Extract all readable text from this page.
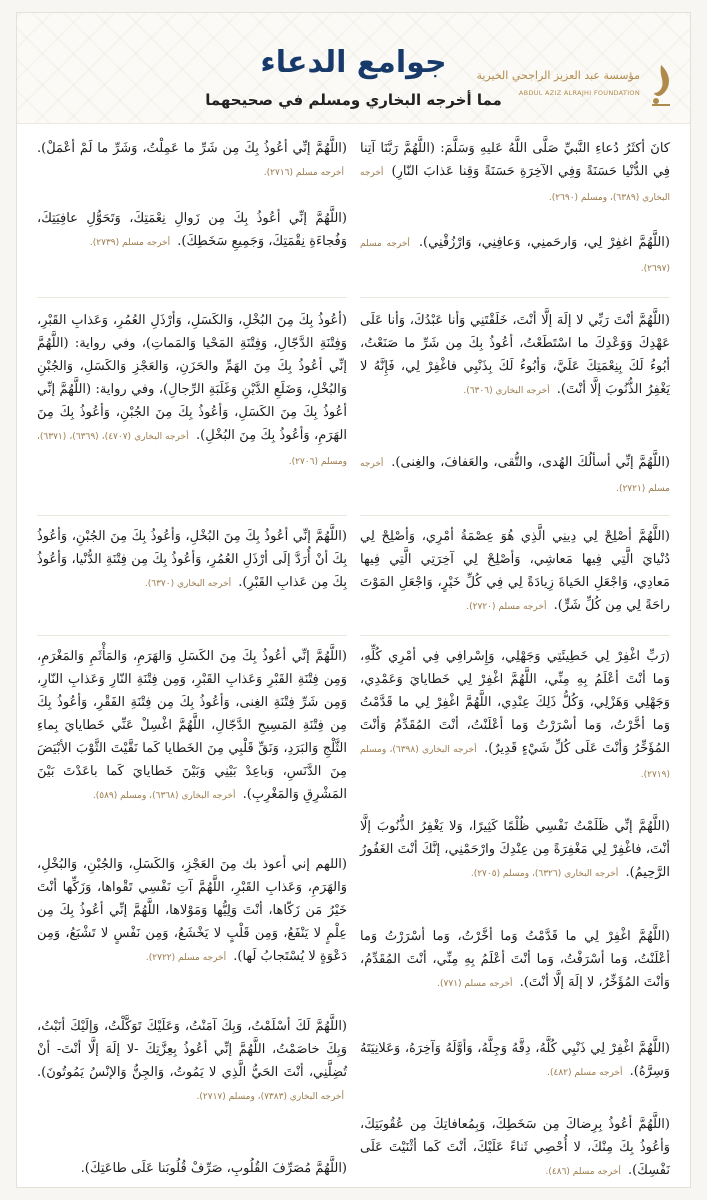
مؤسسة عبد العزيز الراجحي الخيرية
ABDUL AZIZ ALRAJHI FOUNDATION
جوامع الدعاء
مما أخرجه البخاري ومسلم في صحيحهما

كانَ أكثَرُ دُعاءِ النَّبيِّ صَلَّى اللَّهُ عَليهِ وَسَلَّمَ: (اللَّهُمَّ رَبَّنَا آتِنا فِي الدُّنْيا حَسَنَةً وَفِي الآخِرَةِ حَسَنَةً وَقِنا عَذابَ النّارِ) أخرجه البخاري (٦٣٨٩)، ومسلم (٢٦٩٠).

(اللَّهُمَّ اغفِرْ لِي، وَارحَمنِي، وَعافِنِي، وَارْزُقْنِي). أخرجه مسلم (٢٦٩٧).

(اللَّهُمَّ أنْتَ رَبِّي لا إلَهَ إلَّا أنْتَ، خَلَقْتَنِي وَأنا عَبْدُكَ، وَأنا عَلَى عَهْدِكَ وَوَعْدِكَ ما اسْتَطَعْتُ، أعُوذُ بِكَ مِن شَرِّ ما صَنَعْتُ، أبُوءُ لَكَ بِنِعْمَتِكَ عَلَيَّ، وَأبُوءُ لَكَ بِذَنْبِي فاغْفِرْ لِي، فَإِنَّهُ لا يَغْفِرُ الذُّنُوبَ إلَّا أنْتَ). أخرجه البخاري (٦٣٠٦).

(اللَّهُمَّ إنِّي أسألُكَ الهُدى، والتُّقى، والعَفافَ، والغِنى). أخرجه مسلم (٢٧٢١).

(اللَّهُمَّ أصْلِحْ لِي دِينِي الَّذِي هُوَ عِصْمَةُ أمْرِي، وَأصْلِحْ لِي دُنْيايَ الَّتِي فِيها مَعاشِي، وَأصْلِحْ لِي آخِرَتِي الَّتِي فِيها مَعادِي، وَاجْعَلِ الحَياةَ زِيادَةً لِي فِي كُلِّ خَيْرٍ، وَاجْعَلِ المَوْتَ راحَةً لِي مِن كُلِّ شَرٍّ). أخرجه مسلم (٢٧٢٠).

(رَبِّ اغْفِرْ لِي خَطِيئَتِي وَجَهْلِي، وَإِسْرافِي فِي أمْرِي كُلِّهِ، وَما أنْتَ أعْلَمُ بِهِ مِنِّي، اللَّهُمَّ اغْفِرْ لِي خَطايايَ وَعَمْدِي، وَجَهْلِي وَهَزْلِي، وَكُلُّ ذَلِكَ عِنْدِي، اللَّهُمَّ اغْفِرْ لِي ما قَدَّمْتُ وَما أخَّرْتُ، وَما أسْرَرْتُ وَما أعْلَنْتُ، أنْتَ المُقَدِّمُ وَأنْتَ المُؤَخِّرُ وَأنْتَ عَلَى كُلِّ شَيْءٍ قَدِيرٌ). أخرجه البخاري (٦٣٩٨)، ومسلم (٢٧١٩).

(اللَّهُمَّ إنِّي ظَلَمْتُ نَفْسِي ظُلْمًا كَثِيرًا، وَلا يَغْفِرُ الذُّنُوبَ إلَّا أنْتَ، فاغْفِرْ لِي مَغْفِرَةً مِن عِنْدِكَ وارْحَمْنِي، إنَّكَ أنْتَ الغَفُورُ الرَّحِيمُ). أخرجه البخاري (٦٣٢٦)، ومسلم (٢٧٠٥).

(اللَّهُمَّ اغْفِرْ لِي ما قَدَّمْتُ وَما أخَّرْتُ، وَما أسْرَرْتُ وَما أعْلَنْتُ، وَما أسْرَفْتُ، وَما أنْتَ أعْلَمُ بِهِ مِنِّي، أنْتَ المُقَدِّمُ، وَأنْتَ المُؤَخِّرُ، لا إلَهَ إلَّا أنْتَ). أخرجه مسلم (٧٧١).

(اللَّهُمَّ اغْفِرْ لِي ذَنْبِي كُلَّهُ، دِقَّهُ وَجِلَّهُ، وَأوَّلَهُ وَآخِرَهُ، وَعَلانِيَتَهُ وَسِرَّهُ). أخرجه مسلم (٤٨٢).

(اللَّهُمَّ أعُوذُ بِرِضاكَ مِن سَخَطِكَ، وَبِمُعافاتِكَ مِن عُقُوبَتِكَ، وَأعُوذُ بِكَ مِنْكَ، لا أُحْصِي ثَناءً عَلَيْكَ، أنْتَ كَما أثْنَيْتَ عَلَى نَفْسِكَ). أخرجه مسلم (٤٨٦).

(اللَّهُمَّ إنِّي أعُوذُ بِكَ مِن شَرِّ ما عَمِلْتُ، وَشَرِّ ما لَمْ أعْمَلْ). أخرجه مسلم (٢٧١٦).

(اللَّهُمَّ إنِّي أعُوذُ بِكَ مِن زَوالِ نِعْمَتِكَ، وَتَحَوُّلِ عافِيَتِكَ، وَفُجاءَةِ نِقْمَتِكَ، وَجَمِيعِ سَخَطِكَ). أخرجه مسلم (٢٧٣٩).

(أعُوذُ بِكَ مِنَ البُخْلِ، وَالكَسَلِ، وَأرْذَلِ العُمُرِ، وَعَذابِ القَبْرِ، وَفِتْنَةِ الدَّجّالِ، وَفِتْنَةِ المَحْيا وَالمَماتِ)، وفي رواية: (اللَّهُمَّ إنِّي أعُوذُ بِكَ مِنَ الهَمِّ والحَزَنِ، وَالعَجْزِ وَالكَسَلِ، وَالجُبْنِ وَالبُخْلِ، وَضَلَعِ الدَّيْنِ وَغَلَبَةِ الرِّجالِ)، وفي رواية: (اللَّهُمَّ إنِّي أعُوذُ بِكَ مِنَ الكَسَلِ، وَأعُوذُ بِكَ مِنَ الجُبْنِ، وَأعُوذُ بِكَ مِنَ الهَرَمِ، وَأعُوذُ بِكَ مِنَ البُخْلِ). أخرجه البخاري (٤٧٠٧)، (٦٣٦٩)، (٦٣٧١)، ومسلم (٢٧٠٦).

(اللَّهُمَّ إنِّي أعُوذُ بِكَ مِنَ البُخْلِ، وَأعُوذُ بِكَ مِنَ الجُبْنِ، وَأعُوذُ بِكَ أنْ أُرَدَّ إلَى أرْذَلِ العُمُرِ، وَأعُوذُ بِكَ مِن فِتْنَةِ الدُّنْيا، وَأعُوذُ بِكَ مِن عَذابِ القَبْرِ). أخرجه البخاري (٦٣٧٠).

(اللَّهُمَّ إنِّي أعُوذُ بِكَ مِنَ الكَسَلِ وَالهَرَمِ، وَالمَأْثَمِ وَالمَغْرَمِ، وَمِن فِتْنَةِ القَبْرِ وَعَذابِ القَبْرِ، وَمِن فِتْنَةِ النّارِ وَعَذابِ النّارِ، وَمِن شَرِّ فِتْنَةِ الغِنى، وَأعُوذُ بِكَ مِن فِتْنَةِ الفَقْرِ، وَأعُوذُ بِكَ مِن فِتْنَةِ المَسِيحِ الدَّجّالِ، اللَّهُمَّ اغْسِلْ عَنِّي خَطايايَ بِماءِ الثَّلْجِ وَالبَرَدِ، وَنَقِّ قَلْبِي مِنَ الخَطايا كَما نَقَّيْتَ الثَّوْبَ الأبْيَضَ مِنَ الدَّنَسِ، وَباعِدْ بَيْنِي وَبَيْنَ خَطايايَ كَما باعَدْتَ بَيْنَ المَشْرِقِ وَالمَغْرِبِ). أخرجه البخاري (٦٣٦٨)، ومسلم (٥٨٩).

(اللهم إني أعوذ بك مِنَ العَجْزِ، وَالكَسَلِ، وَالجُبْنِ، وَالبُخْلِ، وَالهَرَمِ، وَعَذابِ القَبْرِ، اللَّهُمَّ آتِ نَفْسِي تَقْواها، وَزَكِّها أنْتَ خَيْرُ مَن زَكّاها، أنْتَ وَلِيُّها وَمَوْلاها، اللَّهُمَّ إنِّي أعُوذُ بِكَ مِن عِلْمٍ لا يَنْفَعُ، وَمِن قَلْبٍ لا يَخْشَعُ، وَمِن نَفْسٍ لا تَشْبَعُ، وَمِن دَعْوَةٍ لا يُسْتَجابُ لَها). أخرجه مسلم (٢٧٢٢).

(اللَّهُمَّ لَكَ أسْلَمْتُ، وَبِكَ آمَنْتُ، وَعَلَيْكَ تَوَكَّلْتُ، وَإلَيْكَ أنَبْتُ، وَبِكَ خاصَمْتُ، اللَّهُمَّ إنِّي أعُوذُ بِعِزَّتِكَ -لا إلَهَ إلَّا أنْتَ- أنْ تُضِلَّنِي، أنْتَ الحَيُّ الَّذِي لا يَمُوتُ، وَالجِنُّ وَالإنْسُ يَمُوتُونَ). أخرجه البخاري (٧٣٨٣)، ومسلم (٢٧١٧).

(اللَّهُمَّ مُصَرِّفَ القُلُوبِ، صَرِّفْ قُلُوبَنا عَلَى طاعَتِكَ).
